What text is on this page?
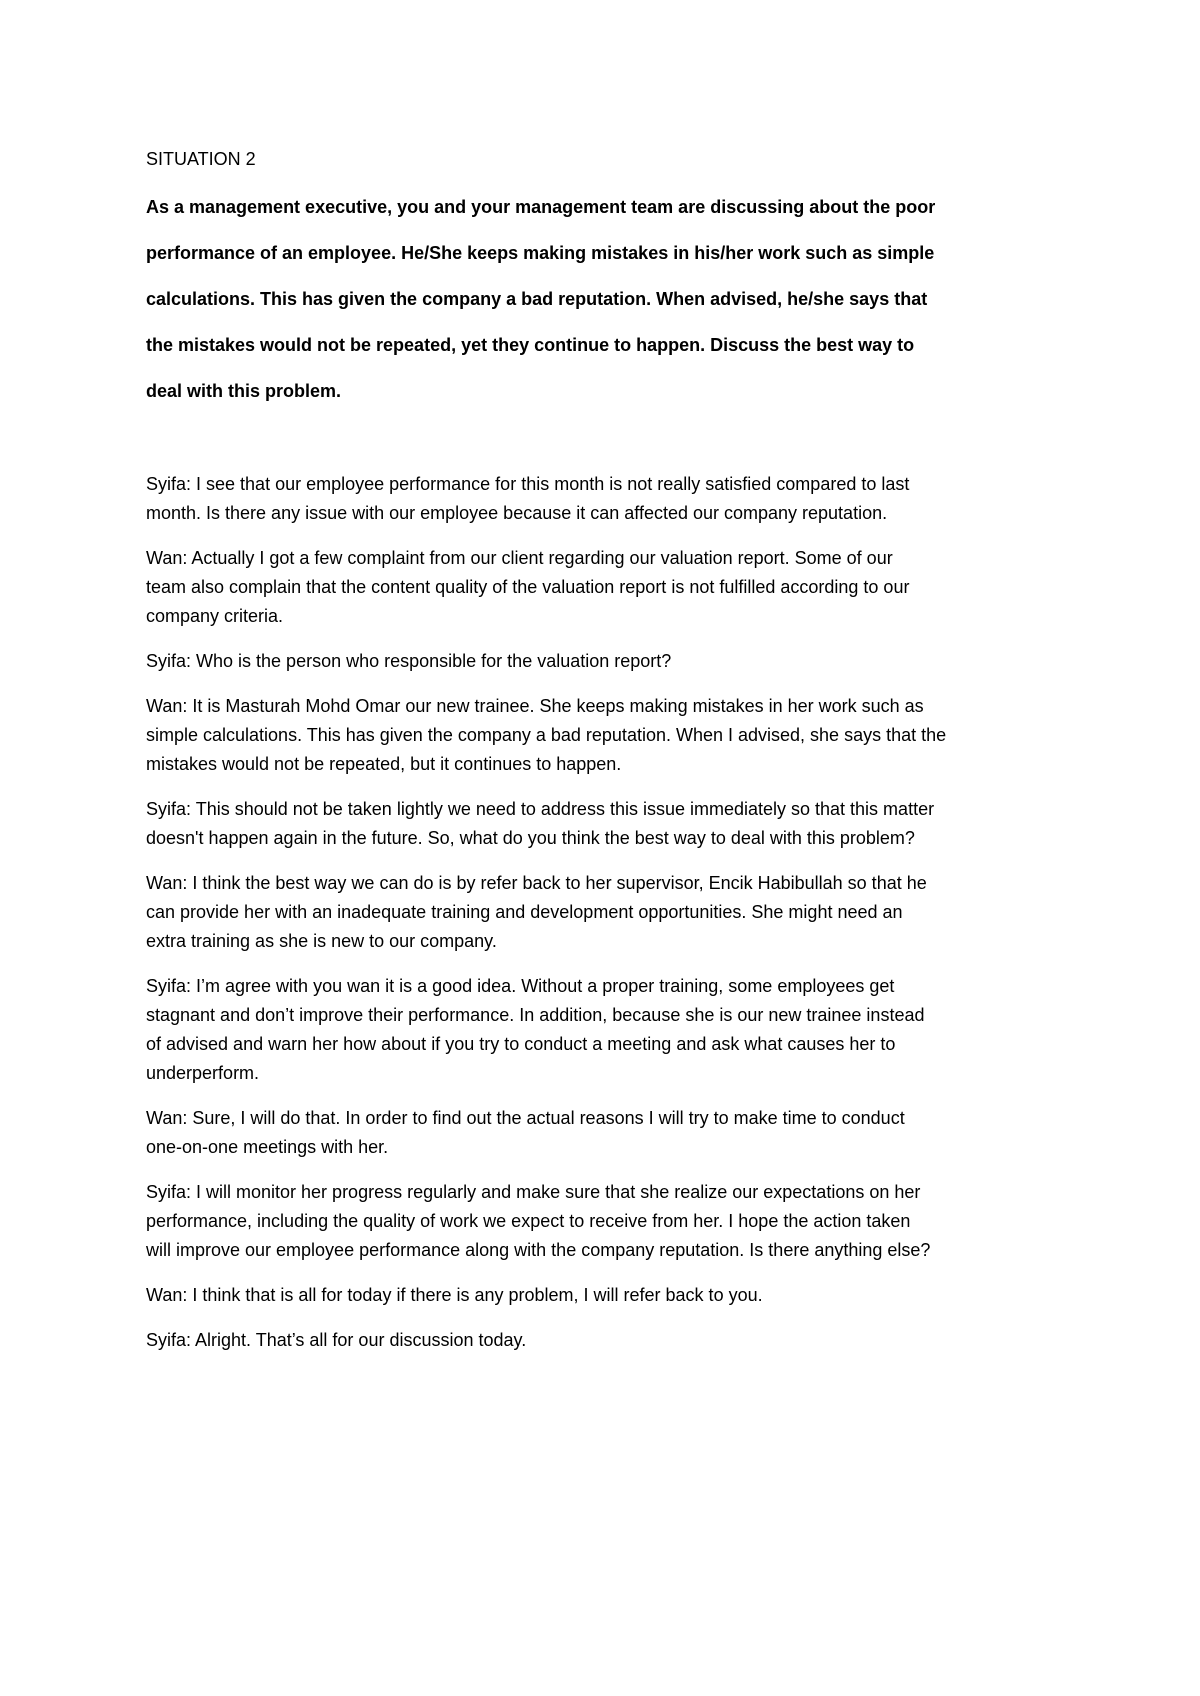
SITUATION 2
As a management executive, you and your management team are discussing about the poor
performance of an employee. He/She keeps making mistakes in his/her work such as simple
calculations. This has given the company a bad reputation. When advised, he/she says that
the mistakes would not be repeated, yet they continue to happen. Discuss the best way to
deal with this problem.

Syifa: I see that our employee performance for this month is not really satisfied compared to last
month. Is there any issue with our employee because it can affected our company reputation.

Wan: Actually I got a few complaint from our client regarding our valuation report. Some of our
team also complain that the content quality of the valuation report is not fulfilled according to our
company criteria.

Syifa: Who is the person who responsible for the valuation report?

Wan: It is Masturah Mohd Omar our new trainee. She keeps making mistakes in her work such as
simple calculations. This has given the company a bad reputation. When I advised, she says that the
mistakes would not be repeated, but it continues to happen.

Syifa: This should not be taken lightly we need to address this issue immediately so that this matter
doesn't happen again in the future. So, what do you think the best way to deal with this problem?

Wan: I think the best way we can do is by refer back to her supervisor, Encik Habibullah so that he
can provide her with an inadequate training and development opportunities. She might need an
extra training as she is new to our company.

Syifa: I’m agree with you wan it is a good idea. Without a proper training, some employees get
stagnant and don’t improve their performance. In addition, because she is our new trainee instead
of advised and warn her how about if you try to conduct a meeting and ask what causes her to
underperform.

Wan: Sure, I will do that. In order to find out the actual reasons I will try to make time to conduct
one-on-one meetings with her.

Syifa: I will monitor her progress regularly and make sure that she realize our expectations on her
performance, including the quality of work we expect to receive from her. I hope the action taken
will improve our employee performance along with the company reputation. Is there anything else?

Wan: I think that is all for today if there is any problem, I will refer back to you.

Syifa: Alright. That’s all for our discussion today.
